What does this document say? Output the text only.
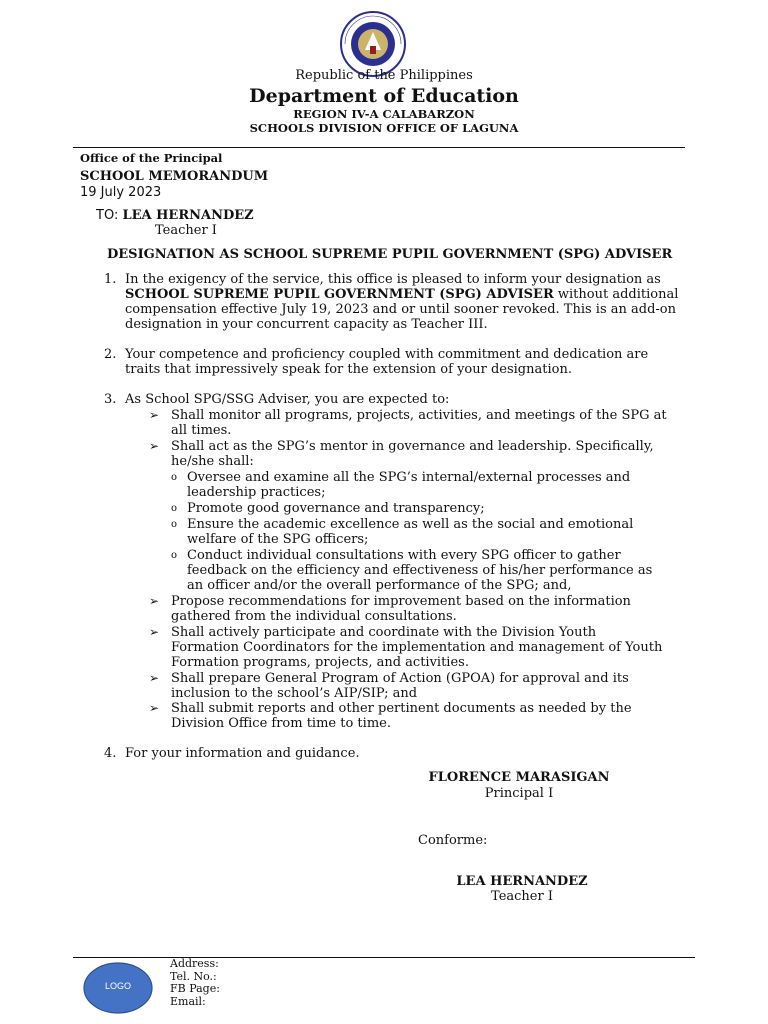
Republic of the Philippines
Department of Education
REGION IV-A CALABARZON
SCHOOLS DIVISION OFFICE OF LAGUNA
Office of the Principal
SCHOOL MEMORANDUM
19 July 2023
TO: LEA HERNANDEZ
Teacher I
DESIGNATION AS SCHOOL SUPREME PUPIL GOVERNMENT (SPG) ADVISER
1. In the exigency of the service, this office is pleased to inform your designation as
SCHOOL SUPREME PUPIL GOVERNMENT (SPG) ADVISER without additional
compensation effective July 19, 2023 and or until sooner revoked. This is an add-on
designation in your concurrent capacity as Teacher III.
2. Your competence and proficiency coupled with commitment and dedication are
traits that impressively speak for the extension of your designation.
3. As School SPG/SSG Adviser, you are expected to:
➢ Shall monitor all programs, projects, activities, and meetings of the SPG at
all times.
➢ Shall act as the SPG’s mentor in governance and leadership. Specifically,
he/she shall:
o Oversee and examine all the SPG’s internal/external processes and
leadership practices;
o Promote good governance and transparency;
o Ensure the academic excellence as well as the social and emotional
welfare of the SPG officers;
o Conduct individual consultations with every SPG officer to gather
feedback on the efficiency and effectiveness of his/her performance as
an officer and/or the overall performance of the SPG; and,
➢ Propose recommendations for improvement based on the information
gathered from the individual consultations.
➢ Shall actively participate and coordinate with the Division Youth
Formation Coordinators for the implementation and management of Youth
Formation programs, projects, and activities.
➢ Shall prepare General Program of Action (GPOA) for approval and its
inclusion to the school’s AIP/SIP; and
➢ Shall submit reports and other pertinent documents as needed by the
Division Office from time to time.
4. For your information and guidance.
FLORENCE MARASIGAN
Principal I
Conforme:
LEA HERNANDEZ
Teacher I
LOGO
Address:
Tel. No.:
FB Page:
Email:
